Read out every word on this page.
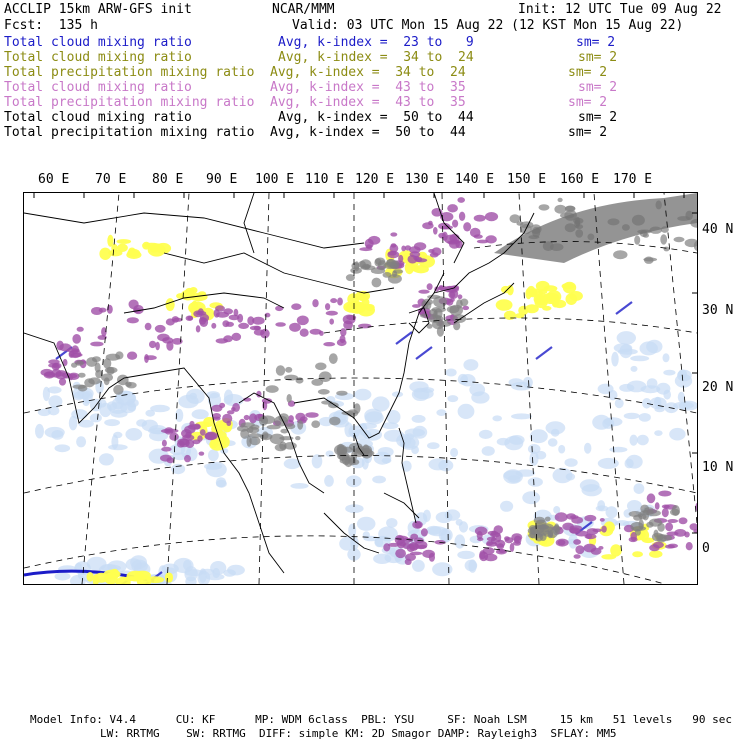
ACCLIP 15km ARW-GFS init	NCAR/MMM	Init: 12 UTC Tue 09 Aug 22
Fcst:  135 h	Valid: 03 UTC Mon 15 Aug 22 (12 KST Mon 15 Aug 22)
Total cloud mixing ratio	Avg, k-index =  23 to   9	sm= 2
Total cloud mixing ratio	Avg, k-index =  34 to  24	sm= 2
Total precipitation mixing ratio Avg, k-index =  34 to  24	sm= 2
Total cloud mixing ratio	Avg, k-index =  43 to  35	sm= 2
Total precipitation mixing ratio Avg, k-index =  43 to  35	sm= 2
Total cloud mixing ratio	Avg, k-index =  50 to  44	sm= 2
Total precipitation mixing ratio Avg, k-index =  50 to  44	sm= 2
60 E 70 E 80 E 90 E 100 E 110 E 120 E 130 E 140 E 150 E 160 E 170 E
40 N
30 N
20 N
10 N
0
Model Info: V4.4      CU: KF      MP: WDM 6class  PBL: YSU     SF: Noah LSM     15 km   51 levels   90 sec
LW: RRTMG    SW: RRTMG  DIFF: simple KM: 2D Smagor DAMP: Rayleigh3  SFLAY: MM5
